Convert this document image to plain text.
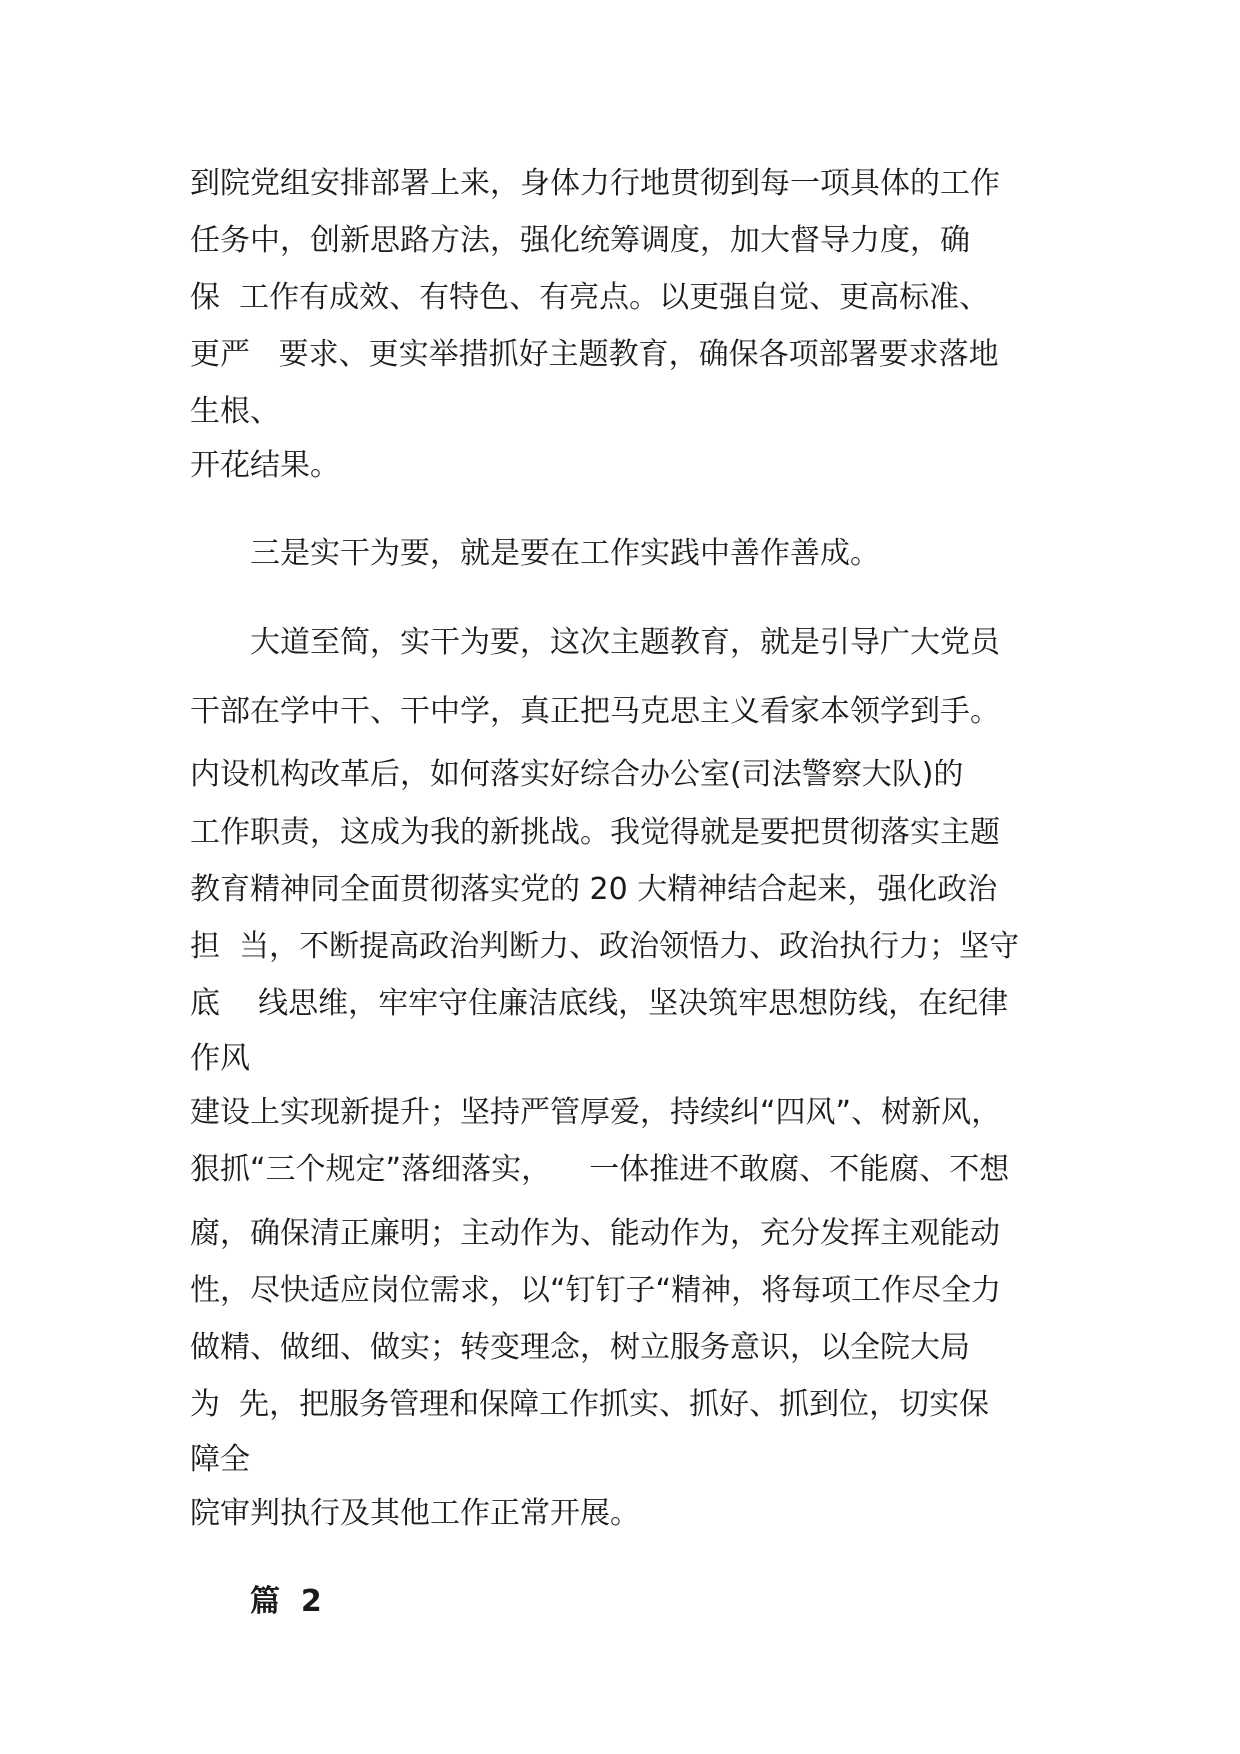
到院党组安排部署上来，身体力行地贯彻到每一项具体的工作

任务中，创新思路方法，强化统筹调度，加大督导力度，确

保  工作有成效、有特色、有亮点。以更强自觉、更高标准、

更严   要求、更实举措抓好主题教育，确保各项部署要求落地

生根、

开花结果。

三是实干为要，就是要在工作实践中善作善成。

大道至简，实干为要，这次主题教育，就是引导广大党员

干部在学中干、干中学，真正把马克思主义看家本领学到手。

内设机构改革后，如何落实好综合办公室(司法警察大队)的

工作职责，这成为我的新挑战。我觉得就是要把贯彻落实主题

教育精神同全面贯彻落实党的 20 大精神结合起来，强化政治

担  当，不断提高政治判断力、政治领悟力、政治执行力；坚守

底    线思维，牢牢守住廉洁底线，坚决筑牢思想防线，在纪律

作风

建设上实现新提升；坚持严管厚爱，持续纠“四风”、树新风，

狠抓“三个规定”落细落实，    一体推进不敢腐、不能腐、不想

腐，确保清正廉明；主动作为、能动作为，充分发挥主观能动

性，尽快适应岗位需求，以“钉钉子“精神，将每项工作尽全力

做精、做细、做实；转变理念，树立服务意识，以全院大局

为  先，把服务管理和保障工作抓实、抓好、抓到位，切实保

障全

院审判执行及其他工作正常开展。

篇  2
